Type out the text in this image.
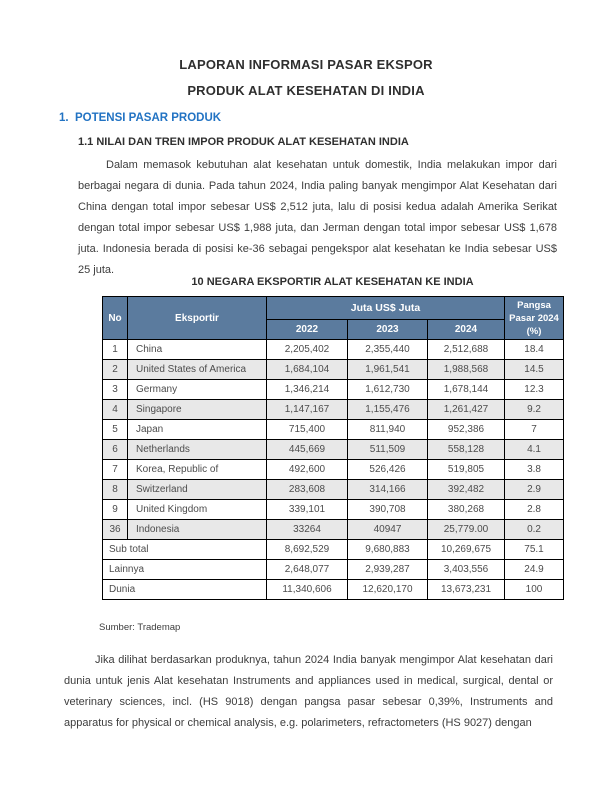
LAPORAN INFORMASI PASAR EKSPOR
PRODUK ALAT KESEHATAN DI INDIA
1.  POTENSI PASAR PRODUK
1.1 NILAI DAN TREN IMPOR PRODUK ALAT KESEHATAN INDIA

Dalam memasok kebutuhan alat kesehatan untuk domestik, India melakukan impor dari berbagai negara di dunia. Pada tahun 2024, India paling banyak mengimpor Alat Kesehatan dari China dengan total impor sebesar US$ 2,512 juta, lalu di posisi kedua adalah Amerika Serikat dengan total impor sebesar US$ 1,988 juta, dan Jerman dengan total impor sebesar US$ 1,678 juta. Indonesia berada di posisi ke-36 sebagai pengekspor alat kesehatan ke India sebesar US$ 25 juta.

10 NEGARA EKSPORTIR ALAT KESEHATAN KE INDIA
No	Eksportir	Juta US$ Juta			Pangsa Pasar 2024 (%)
		2022	2023	2024	
1	China	2,205,402	2,355,440	2,512,688	18.4
2	United States of America	1,684,104	1,961,541	1,988,568	14.5
3	Germany	1,346,214	1,612,730	1,678,144	12.3
4	Singapore	1,147,167	1,155,476	1,261,427	9.2
5	Japan	715,400	811,940	952,386	7
6	Netherlands	445,669	511,509	558,128	4.1
7	Korea, Republic of	492,600	526,426	519,805	3.8
8	Switzerland	283,608	314,166	392,482	2.9
9	United Kingdom	339,101	390,708	380,268	2.8
36	Indonesia	33264	40947	25,779.00	0.2
Sub total		8,692,529	9,680,883	10,269,675	75.1
Lainnya		2,648,077	2,939,287	3,403,556	24.9
Dunia		11,340,606	12,620,170	13,673,231	100
Sumber: Trademap

Jika dilihat berdasarkan produknya, tahun 2024 India banyak mengimpor Alat kesehatan dari dunia untuk jenis Alat kesehatan Instruments and appliances used in medical, surgical, dental or veterinary sciences, incl. (HS 9018) dengan pangsa pasar sebesar 0,39%, Instruments and apparatus for physical or chemical analysis, e.g. polarimeters, refractometers (HS 9027) dengan
